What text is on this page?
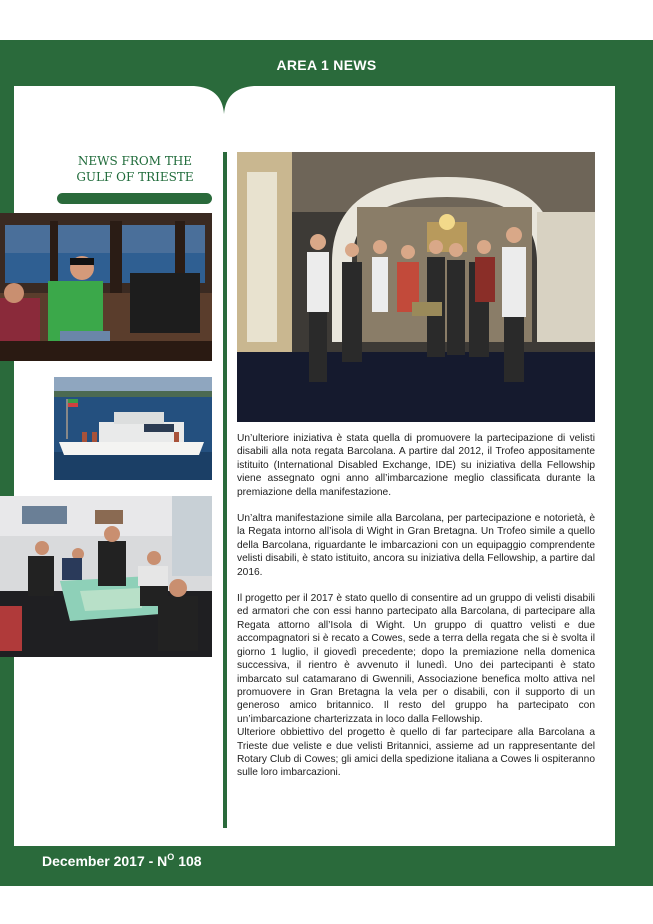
AREA 1 NEWS
NEWS FROM THE
GULF OF TRIESTE

Un’ulteriore iniziativa è stata quella di promuovere la partecipazione di velisti disabili alla nota regata Barcolana. A partire dal 2012, il Trofeo appositamente istituito (International Disabled Exchange, IDE) su iniziativa della Fellowship viene assegnato ogni anno all’imbarcazione meglio classificata durante la premiazione della manifestazione.

Un’altra manifestazione simile alla Barcolana, per partecipazione e notorietà, è la Regata intorno all’isola di Wight in Gran Bretagna. Un Trofeo simile a quello della Barcolana, riguardante le imbarcazioni con un equipaggio comprendente velisti disabili, è stato istituito, ancora su iniziativa della Fellowship, a partire dal 2016.

Il progetto per il 2017 è stato quello di consentire ad un gruppo di velisti disabili ed armatori che con essi hanno partecipato alla Barcolana, di partecipare alla Regata attorno all’Isola di Wight. Un gruppo di quattro velisti e due accompagnatori si è recato a Cowes, sede a terra della regata che si è svolta il giorno 1 luglio, il giovedì precedente; dopo la premiazione nella domenica successiva, il rientro è avvenuto il lunedì. Uno dei partecipanti è stato imbarcato sul catamarano di Gwennili, Associazione benefica molto attiva nel promuovere in Gran Bretagna la vela per o disabili, con il supporto di un generoso amico britannico. Il resto del gruppo ha partecipato con un’imbarcazione charterizzata in loco dalla Fellowship.

Ulteriore obbiettivo del progetto è quello di far partecipare alla Barcolana a Trieste due veliste e due velisti Britannici, assieme ad un rappresentante del Rotary Club di Cowes; gli amici della spedizione italiana a Cowes li ospiteranno sulle loro imbarcazioni.

December $2017 - N^O$ 108
